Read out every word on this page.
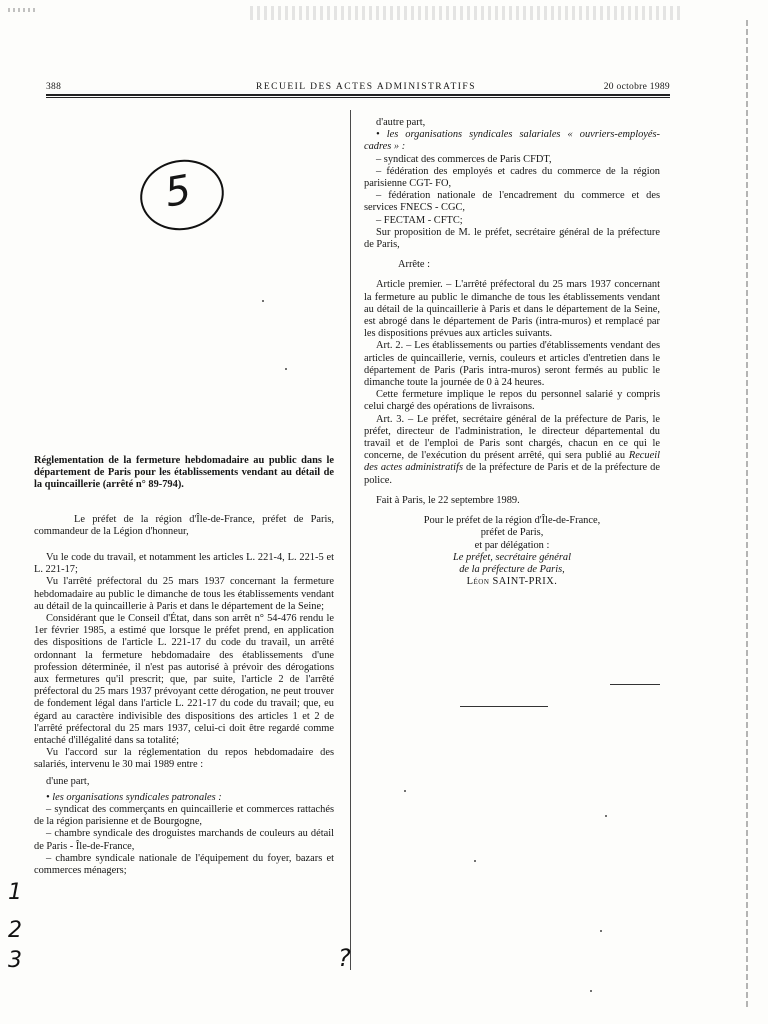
388	RECUEIL DES ACTES ADMINISTRATIFS	20 octobre 1989
5

Réglementation de la fermeture hebdomadaire au public dans le département de Paris pour les établissements vendant au détail de la quincaillerie (arrêté n° 89-794).

Le préfet de la région d'Île-de-France, préfet de Paris, commandeur de la Légion d'honneur,

Vu le code du travail, et notamment les articles L. 221-4, L. 221-5 et L. 221-17;

Vu l'arrêté préfectoral du 25 mars 1937 concernant la fermeture hebdomadaire au public le dimanche de tous les établissements vendant au détail de la quincaillerie à Paris et dans le département de la Seine;

Considérant que le Conseil d'État, dans son arrêt n° 54-476 rendu le 1er février 1985, a estimé que lorsque le préfet prend, en application des dispositions de l'article L. 221-17 du code du travail, un arrêté ordonnant la fermeture hebdomadaire des établissements d'une profession déterminée, il n'est pas autorisé à prévoir des dérogations aux fermetures qu'il prescrit; que, par suite, l'article 2 de l'arrêté préfectoral du 25 mars 1937 prévoyant cette dérogation, ne peut trouver de fondement légal dans l'article L. 221-17 du code du travail; que, eu égard au caractère indivisible des dispositions des articles 1 et 2 de l'arrêté préfectoral du 25 mars 1937, celui-ci doit être regardé comme entaché d'illégalité dans sa totalité;

Vu l'accord sur la réglementation du repos hebdomadaire des salariés, intervenu le 30 mai 1989 entre :

d'une part,

• les organisations syndicales patronales :

– syndicat des commerçants en quincaillerie et commerces rattachés de la région parisienne et de Bourgogne,

– chambre syndicale des droguistes marchands de couleurs au détail de Paris - Île-de-France,

– chambre syndicale nationale de l'équipement du foyer, bazars et commerces ménagers;

d'autre part,

• les organisations syndicales salariales « ouvriers-employés-cadres » :

– syndicat des commerces de Paris CFDT,

– fédération des employés et cadres du commerce de la région parisienne CGT- FO,

– fédération nationale de l'encadrement du commerce et des services FNECS - CGC,

– FECTAM - CFTC;

Sur proposition de M. le préfet, secrétaire général de la préfecture de Paris,

Arrête :

Article premier. – L'arrêté préfectoral du 25 mars 1937 concernant la fermeture au public le dimanche de tous les établissements vendant au détail de la quincaillerie à Paris et dans le département de la Seine, est abrogé dans le département de Paris (intra-muros) et remplacé par les dispositions prévues aux articles suivants.

Art. 2. – Les établissements ou parties d'établissements vendant des articles de quincaillerie, vernis, couleurs et articles d'entretien dans le département de Paris (Paris intra-muros) seront fermés au public le dimanche toute la journée de 0 à 24 heures.

Cette fermeture implique le repos du personnel salarié y compris celui chargé des opérations de livraisons.

Art. 3. – Le préfet, secrétaire général de la préfecture de Paris, le préfet, directeur de l'administration, le directeur départemental du travail et de l'emploi de Paris sont chargés, chacun en ce qui le concerne, de l'exécution du présent arrêté, qui sera publié au Recueil des actes administratifs de la préfecture de Paris et de la préfecture de police.

Fait à Paris, le 22 septembre 1989.

Pour le préfet de la région d'Île-de-France,

préfet de Paris,

et par délégation :

Le préfet, secrétaire général

de la préfecture de Paris,

Léon SAINT-PRIX.

1
2
3	?
